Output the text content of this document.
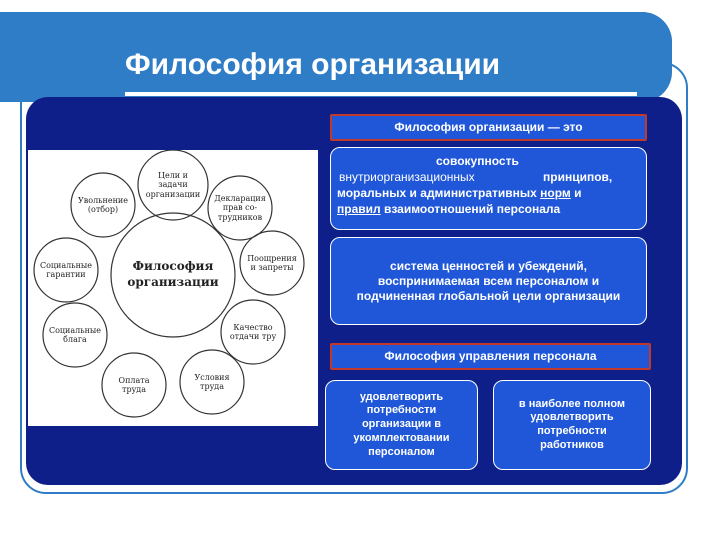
Философия организации
Философия организации
Цели и задачи организации
Декларация прав со-трудников
Поощрения и запреты
Качество отдачи тру
Условия труда
Оплата труда
Социальные блага
Социальные гарантии
Увольнение (отбор)
Философия организации — это
совокупность
внутриорганизационных	принципов,
моральных и административных норм и
правил взаимоотношений персонала
система ценностей и убеждений, воспринимаемая всем персоналом и подчиненная глобальной цели организации
Философия управления персонала
удовлетворить потребности организации в укомплектовании персоналом
в наиболее полном удовлетворить потребности работников
